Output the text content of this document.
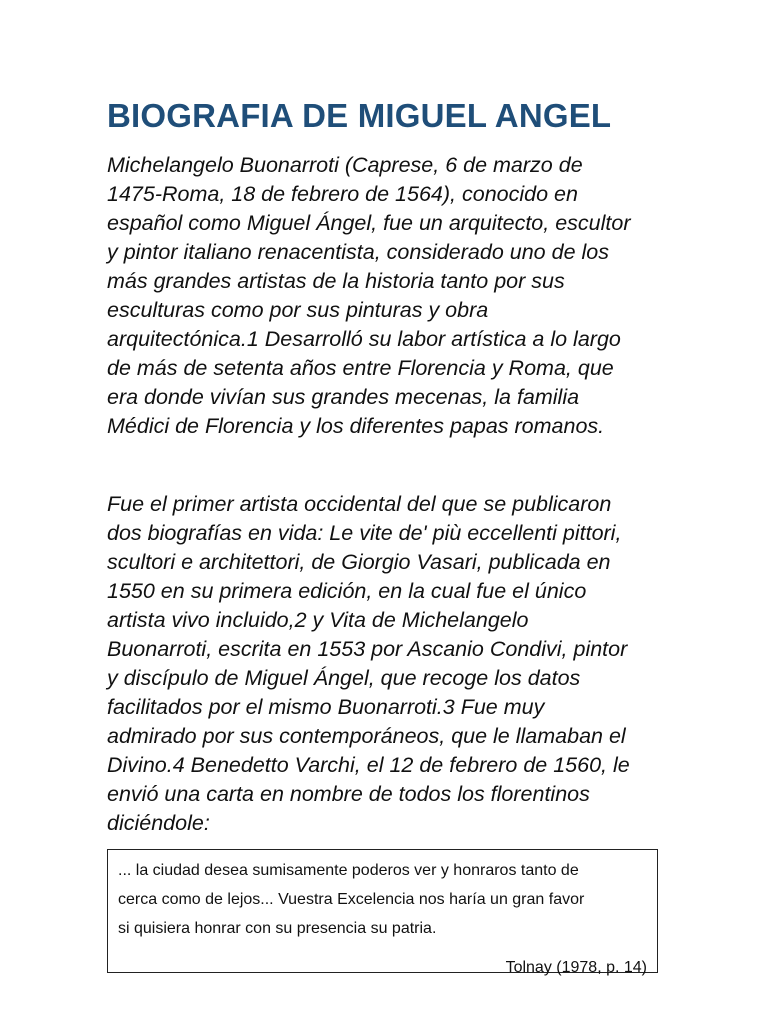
BIOGRAFIA DE MIGUEL ANGEL

Michelangelo Buonarroti (Caprese, 6 de marzo de
1475-Roma, 18 de febrero de 1564), conocido en
español como Miguel Ángel, fue un arquitecto, escultor
y pintor italiano renacentista, considerado uno de los
más grandes artistas de la historia tanto por sus
esculturas como por sus pinturas y obra
arquitectónica.1 Desarrolló su labor artística a lo largo
de más de setenta años entre Florencia y Roma, que
era donde vivían sus grandes mecenas, la familia
Médici de Florencia y los diferentes papas romanos.

Fue el primer artista occidental del que se publicaron
dos biografías en vida: Le vite de' più eccellenti pittori,
scultori e architettori, de Giorgio Vasari, publicada en
1550 en su primera edición, en la cual fue el único
artista vivo incluido,2 y Vita de Michelangelo
Buonarroti, escrita en 1553 por Ascanio Condivi, pintor
y discípulo de Miguel Ángel, que recoge los datos
facilitados por el mismo Buonarroti.3 Fue muy
admirado por sus contemporáneos, que le llamaban el
Divino.4 Benedetto Varchi, el 12 de febrero de 1560, le
envió una carta en nombre de todos los florentinos
diciéndole:

... la ciudad desea sumisamente poderos ver y honraros tanto de
cerca como de lejos... Vuestra Excelencia nos haría un gran favor
si quisiera honrar con su presencia su patria.
Tolnay (1978, p. 14)
